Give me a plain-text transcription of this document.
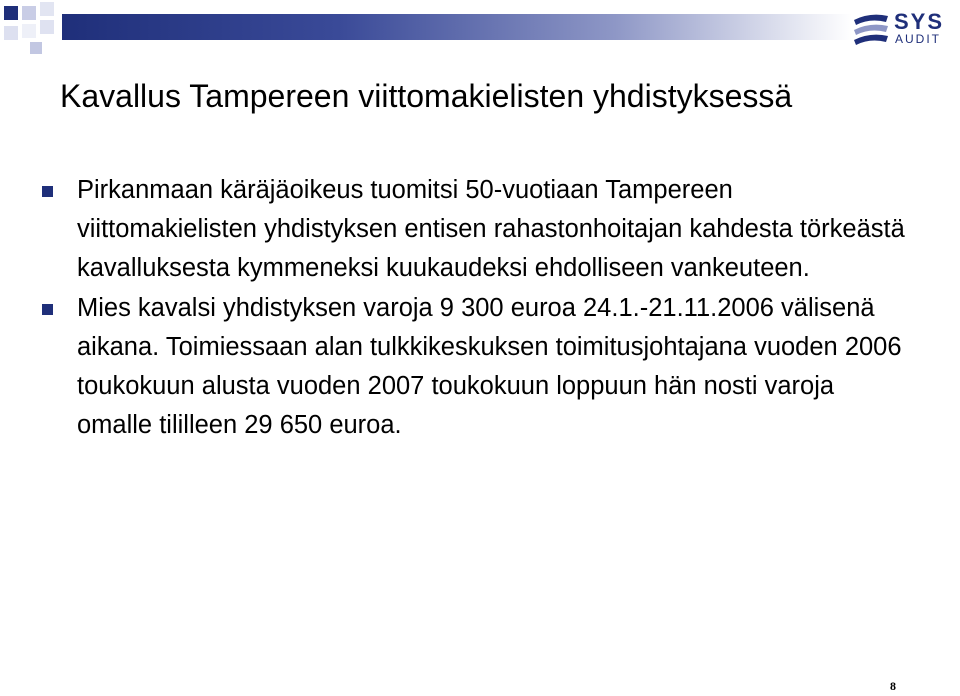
SYS
AUDIT
Kavallus Tampereen viittomakielisten yhdistyksessä
Pirkanmaan käräjäoikeus tuomitsi 50-vuotiaan Tampereen viittomakielisten yhdistyksen entisen rahastonhoitajan kahdesta törkeästä kavalluksesta kymmeneksi kuukaudeksi ehdolliseen vankeuteen.
Mies kavalsi yhdistyksen varoja 9 300 euroa 24.1.-21.11.2006 välisenä aikana. Toimiessaan alan tulkkikeskuksen toimitusjohtajana vuoden 2006 toukokuun alusta vuoden 2007 toukokuun loppuun hän nosti varoja omalle tililleen 29 650 euroa.
8
